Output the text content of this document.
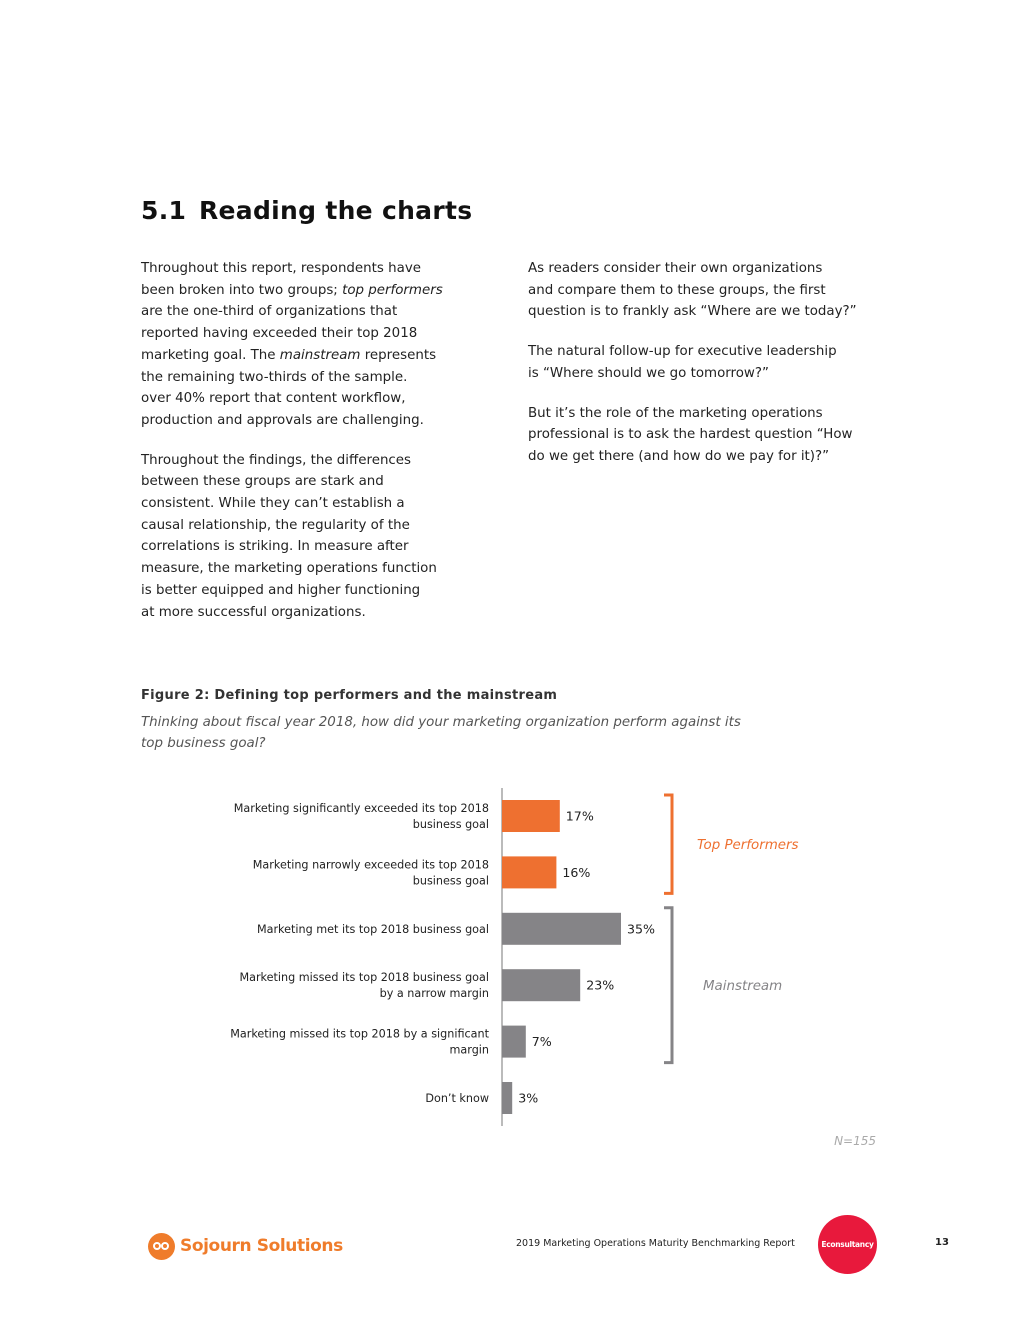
5.1 Reading the charts

Throughout this report, respondents have
been broken into two groups; top performers
are the one-third of organizations that
reported having exceeded their top 2018
marketing goal. The mainstream represents
the remaining two-thirds of the sample.
over 40% report that content workflow,
production and approvals are challenging.

Throughout the findings, the differences
between these groups are stark and
consistent. While they can’t establish a
causal relationship, the regularity of the
correlations is striking. In measure after
measure, the marketing operations function
is better equipped and higher functioning
at more successful organizations.

As readers consider their own organizations
and compare them to these groups, the first
question is to frankly ask “Where are we today?”

The natural follow-up for executive leadership
is “Where should we go tomorrow?”

But it’s the role of the marketing operations
professional is to ask the hardest question “How
do we get there (and how do we pay for it)?”

Figure 2: Defining top performers and the mainstream

Thinking about fiscal year 2018, how did your marketing organization perform against its
top business goal?

17%
Marketing significantly exceeded its top 2018
business goal
16%
Marketing narrowly exceeded its top 2018
business goal
35%
Marketing met its top 2018 business goal
23%
Marketing missed its top 2018 business goal
by a narrow margin
7%
Marketing missed its top 2018 by a significant
margin
3%
Don’t know
Top Performers
Mainstream
N=155
Sojourn Solutions	2019 Marketing Operations Maturity Benchmarking Report	Econsultancy	13
